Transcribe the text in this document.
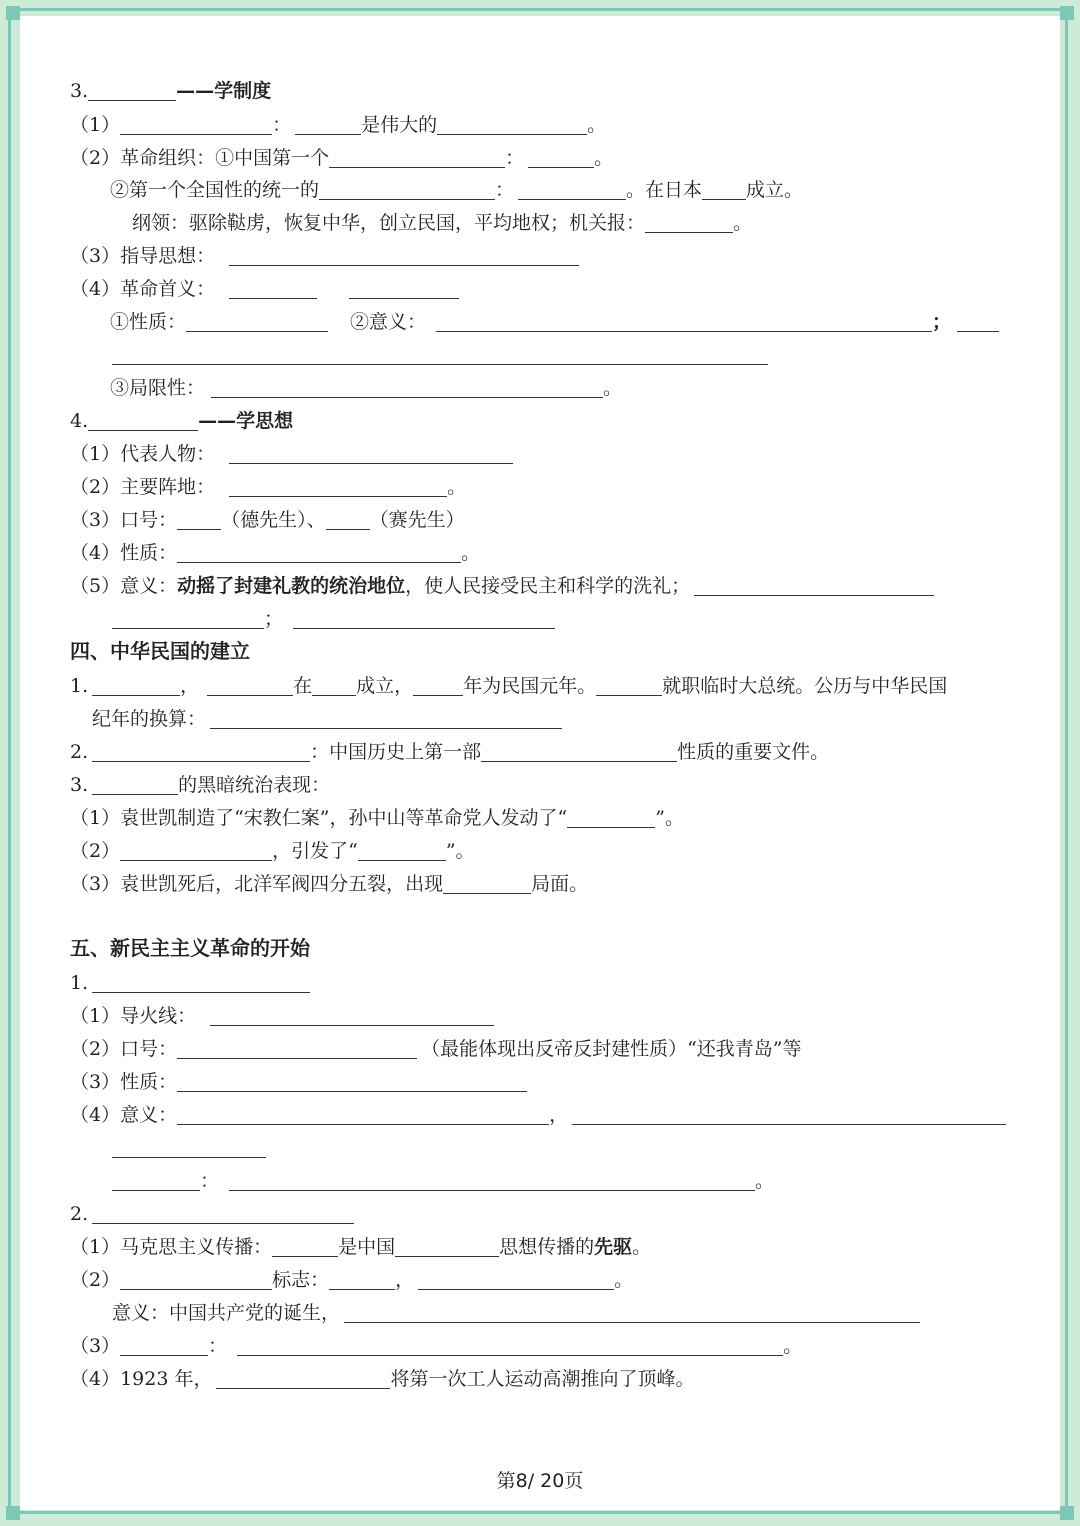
3.	——学制度
（1）	：	是伟大的	。
（2）革命组织：①中国第一个	：	。
②第一个全国性的统一的	：	。在日本 成立。
纲领：驱除鞑虏，恢复中华，创立民国，平均地权；机关报：	。
（3）指导思想：
（4）革命首义：
①性质：	②意义：	；
③局限性：	。
4.	——学思想
（1）代表人物：
（2）主要阵地：	。
（3）口号： （德先生）、 （赛先生）
（4）性质：	。
（5）意义：动摇了封建礼教的统治地位，使人民接受民主和科学的洗礼；
；
四、中华民国的建立
1.	，	在 成立，	年为民国元年。	就职临时大总统。公历与中华民国
纪年的换算：
2.	：中国历史上第一部	性质的重要文件。
3.	的黑暗统治表现：
（1）袁世凯制造了“宋教仁案”，孙中山等革命党人发动了“	”。
（2）	，引发了“	”。
（3）袁世凯死后，北洋军阀四分五裂，出现	局面。
五、新民主主义革命的开始
1.
（1）导火线：
（2）口号：	（最能体现出反帝反封建性质）“还我青岛”等
（3）性质：
（4）意义：	，
：	。
2.
（1）马克思主义传播：	是中国	思想传播的先驱。
（2）	标志：	，	。
意义：中国共产党的诞生，
（3）	：	。
（4）1923 年，	将第一次工人运动高潮推向了顶峰。
第8/ 20页
